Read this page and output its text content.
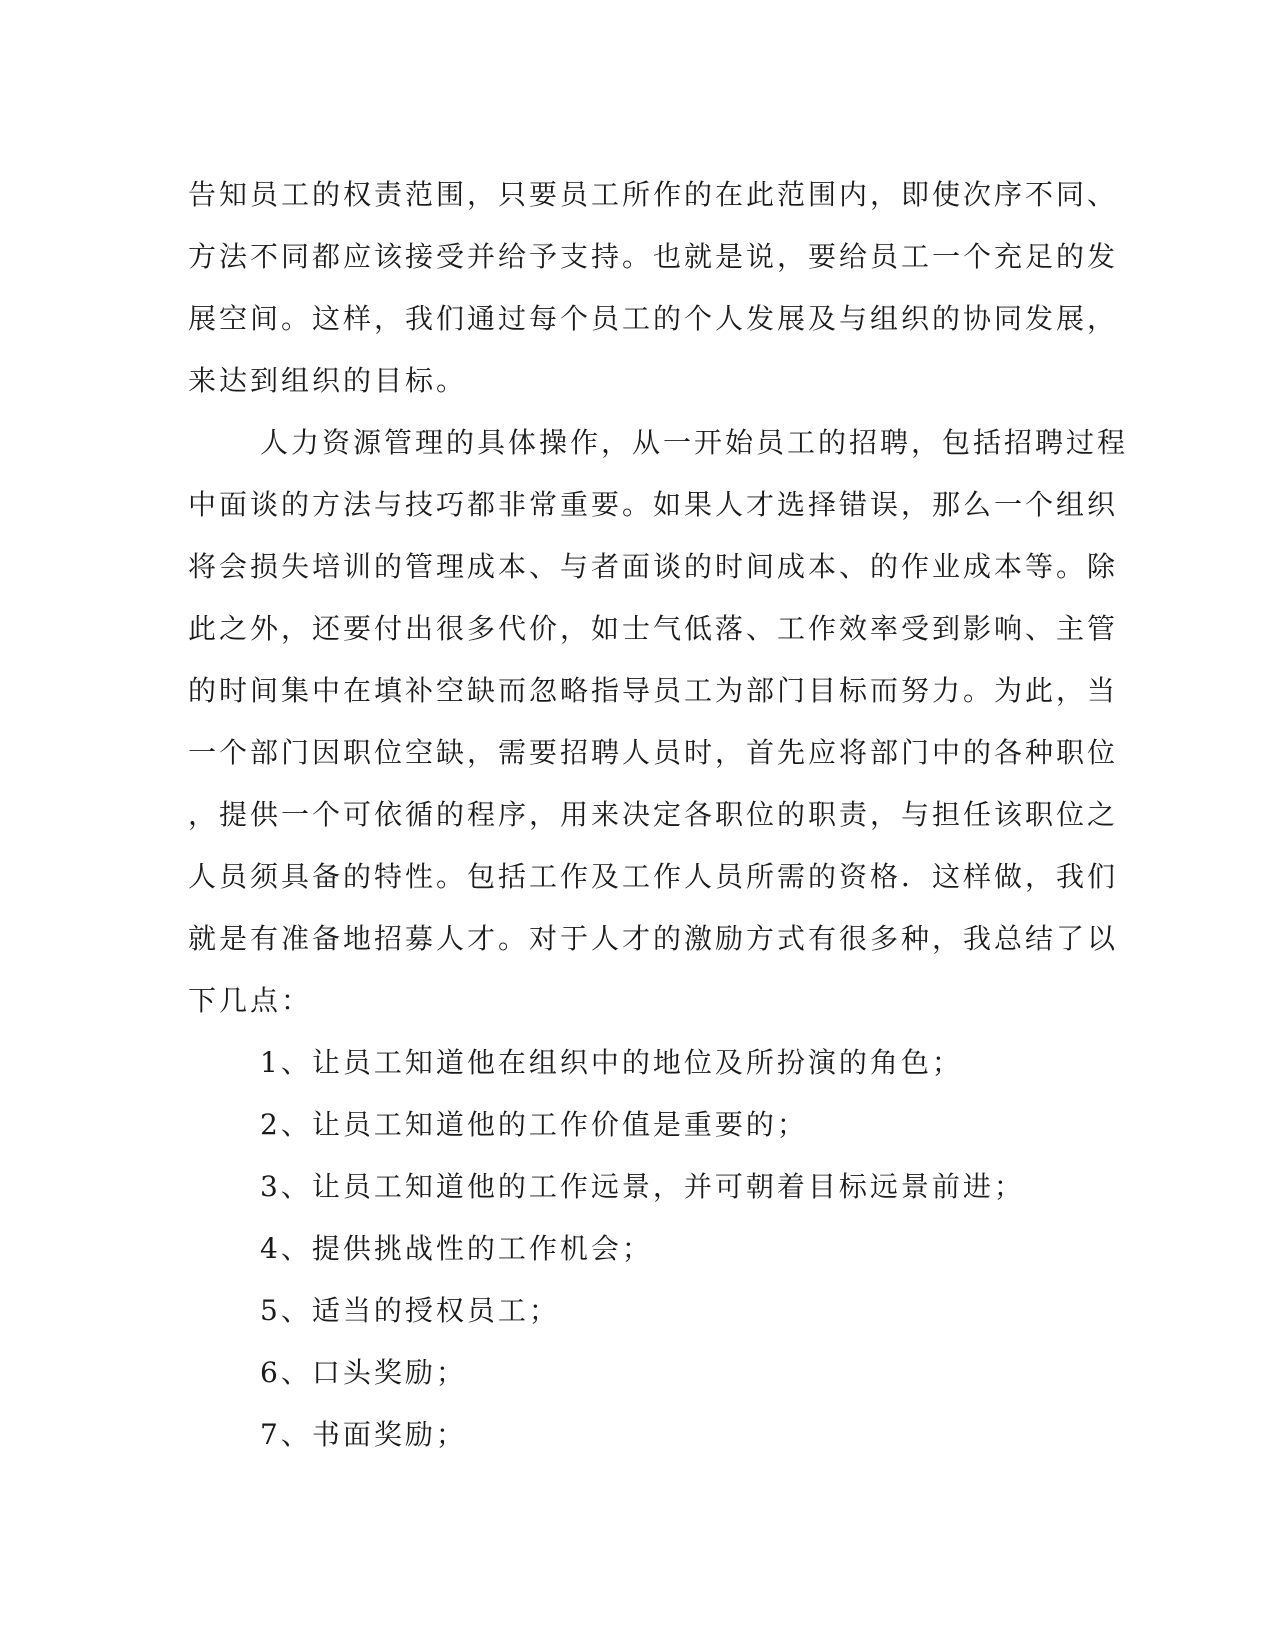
告知员工的权责范围，只要员工所作的在此范围内，即使次序不同、
方法不同都应该接受并给予支持。也就是说，要给员工一个充足的发
展空间。这样，我们通过每个员工的个人发展及与组织的协同发展，
来达到组织的目标。
人力资源管理的具体操作，从一开始员工的招聘，包括招聘过程
中面谈的方法与技巧都非常重要。如果人才选择错误，那么一个组织
将会损失培训的管理成本、与者面谈的时间成本、的作业成本等。除
此之外，还要付出很多代价，如士气低落、工作效率受到影响、主管
的时间集中在填补空缺而忽略指导员工为部门目标而努力。为此，当
一个部门因职位空缺，需要招聘人员时，首先应将部门中的各种职位
，提供一个可依循的程序，用来决定各职位的职责，与担任该职位之
人员须具备的特性。包括工作及工作人员所需的资格．这样做，我们
就是有准备地招募人才。对于人才的激励方式有很多种，我总结了以
下几点：
1、让员工知道他在组织中的地位及所扮演的角色；
2、让员工知道他的工作价值是重要的；
3、让员工知道他的工作远景，并可朝着目标远景前进；
4、提供挑战性的工作机会；
5、适当的授权员工；
6、口头奖励；
7、书面奖励；
